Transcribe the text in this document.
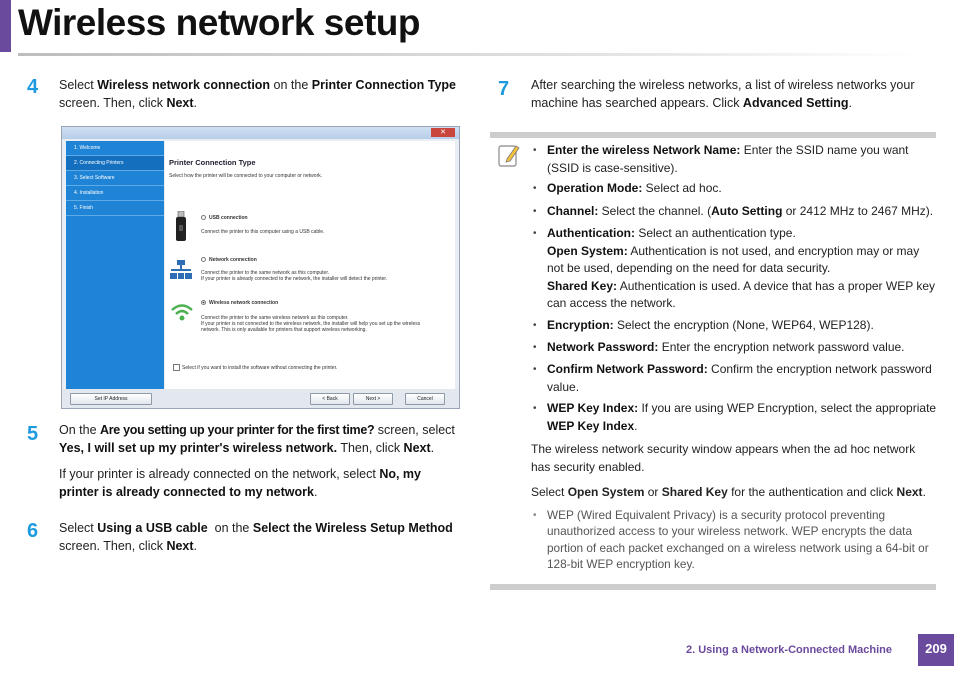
Wireless network setup
4 Select Wireless network connection on the Printer Connection Type screen. Then, click Next.
✕
1. Welcome
2. Connecting Printers
3. Select Software
4. Installation
5. Finish
Printer Connection Type
Select how the printer will be connected to your computer or network.
USB connection
Connect the printer to this computer using a USB cable.
Network connection
Connect the printer to the same network as this computer.
If your printer is already connected to the network, the installer will detect the printer.
Wireless network connection
Connect the printer to the same wireless network as this computer.
If your printer is not connected to the wireless network, the installer will help you set up the wireless
network. This is only available for printers that support wireless networking.
Select if you want to install the software without connecting the printer.
Set IP Address	< Back	Next >	Cancel
5 On the Are you setting up your printer for the first time? screen, select Yes, I will set up my printer's wireless network. Then, click Next.
If your printer is already connected on the network, select No, my printer is already connected to my network.
6 Select Using a USB cable  on the Select the Wireless Setup Method screen. Then, click Next.
7 After searching the wireless networks, a list of wireless networks your machine has searched appears. Click Advanced Setting.
• Enter the wireless Network Name: Enter the SSID name you want (SSID is case-sensitive).
• Operation Mode: Select ad hoc.
• Channel: Select the channel. (Auto Setting or 2412 MHz to 2467 MHz).
• Authentication: Select an authentication type.
Open System: Authentication is not used, and encryption may or may not be used, depending on the need for data security.
Shared Key: Authentication is used. A device that has a proper WEP key can access the network.
• Encryption: Select the encryption (None, WEP64, WEP128).
• Network Password: Enter the encryption network password value.
• Confirm Network Password: Confirm the encryption network password value.
• WEP Key Index: If you are using WEP Encryption, select the appropriate WEP Key Index.
The wireless network security window appears when the ad hoc network has security enabled.
Select Open System or Shared Key for the authentication and click Next.
• WEP (Wired Equivalent Privacy) is a security protocol preventing unauthorized access to your wireless network. WEP encrypts the data portion of each packet exchanged on a wireless network using a 64-bit or 128-bit WEP encryption key.
2. Using a Network-Connected Machine	209
